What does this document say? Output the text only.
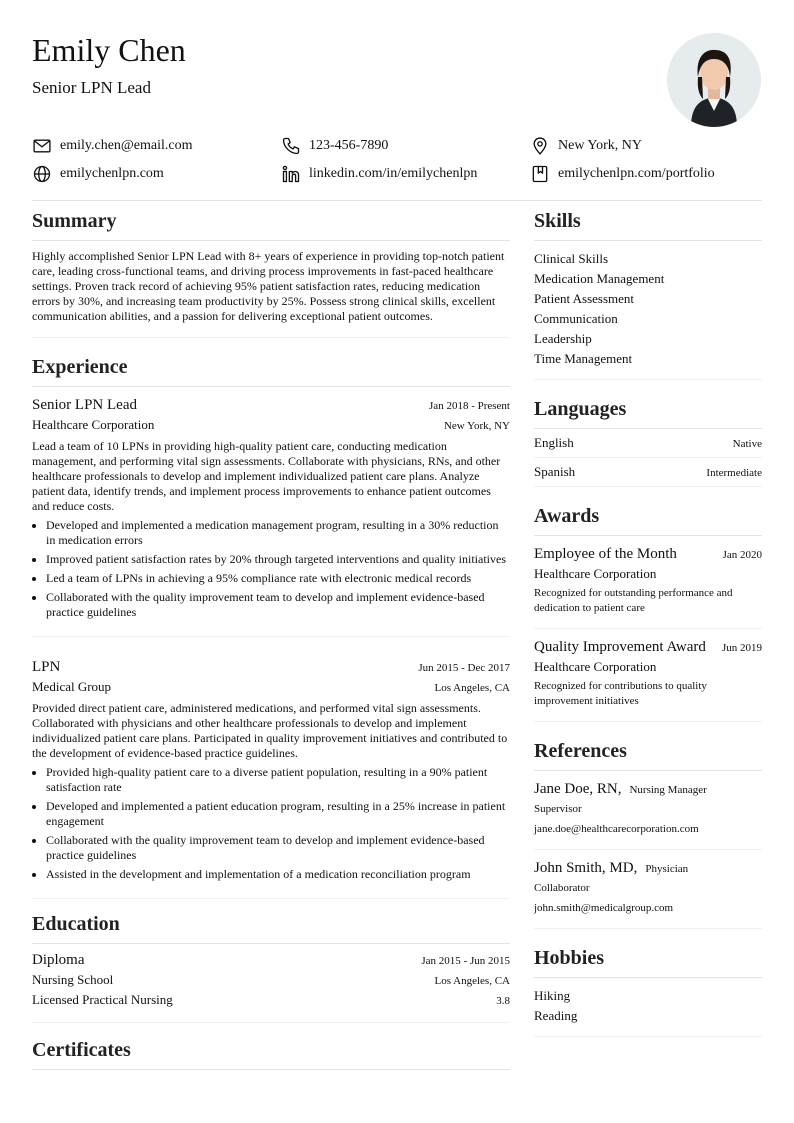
Emily Chen
Senior LPN Lead
emily.chen@email.com	123-456-7890	New York, NY
emilychenlpn.com	linkedin.com/in/emilychenlpn	emilychenlpn.com/portfolio
Summary
Highly accomplished Senior LPN Lead with 8+ years of experience in providing top-notch patient care, leading cross-functional teams, and driving process improvements in fast-paced healthcare settings. Proven track record of achieving 95% patient satisfaction rates, reducing medication errors by 30%, and increasing team productivity by 25%. Possess strong clinical skills, excellent communication abilities, and a passion for delivering exceptional patient outcomes.
Experience
Senior LPN Lead	Jan 2018 - Present
Healthcare Corporation	New York, NY
Lead a team of 10 LPNs in providing high-quality patient care, conducting medication management, and performing vital sign assessments. Collaborate with physicians, RNs, and other healthcare professionals to develop and implement individualized patient care plans. Analyze patient data, identify trends, and implement process improvements to enhance patient outcomes and reduce costs.
• Developed and implemented a medication management program, resulting in a 30% reduction in medication errors
• Improved patient satisfaction rates by 20% through targeted interventions and quality initiatives
• Led a team of LPNs in achieving a 95% compliance rate with electronic medical records
• Collaborated with the quality improvement team to develop and implement evidence-based practice guidelines
LPN	Jun 2015 - Dec 2017
Medical Group	Los Angeles, CA
Provided direct patient care, administered medications, and performed vital sign assessments. Collaborated with physicians and other healthcare professionals to develop and implement individualized patient care plans. Participated in quality improvement initiatives and contributed to the development of evidence-based practice guidelines.
• Provided high-quality patient care to a diverse patient population, resulting in a 90% patient satisfaction rate
• Developed and implemented a patient education program, resulting in a 25% increase in patient engagement
• Collaborated with the quality improvement team to develop and implement evidence-based practice guidelines
• Assisted in the development and implementation of a medication reconciliation program
Education
Diploma	Jan 2015 - Jun 2015
Nursing School	Los Angeles, CA
Licensed Practical Nursing	3.8
Certificates
Skills
Clinical Skills
Medication Management
Patient Assessment
Communication
Leadership
Time Management
Languages
English	Native
Spanish	Intermediate
Awards
Employee of the Month	Jan 2020
Healthcare Corporation
Recognized for outstanding performance and dedication to patient care
Quality Improvement Award Jun 2019
Healthcare Corporation
Recognized for contributions to quality improvement initiatives
References
Jane Doe, RN, Nursing Manager
Supervisor
jane.doe@healthcarecorporation.com
John Smith, MD, Physician
Collaborator
john.smith@medicalgroup.com
Hobbies
Hiking
Reading
